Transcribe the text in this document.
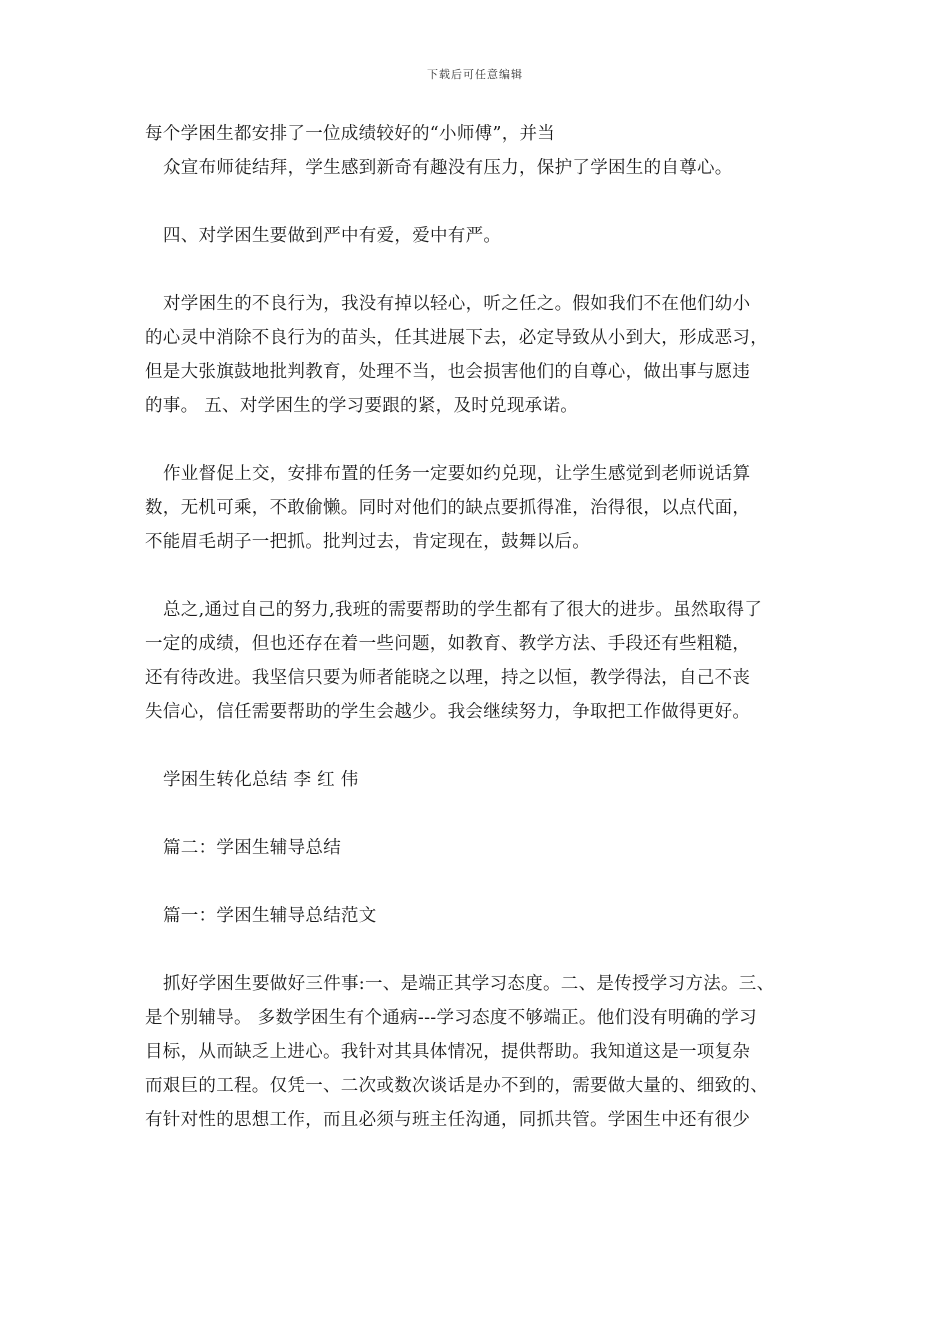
下载后可任意编辑
每个学困生都安排了一位成绩较好的“小师傅”，并当
众宣布师徒结拜，学生感到新奇有趣没有压力，保护了学困生的自尊心。
四、对学困生要做到严中有爱，爱中有严。
对学困生的不良行为，我没有掉以轻心，听之任之。假如我们不在他们幼小
的心灵中消除不良行为的苗头，任其进展下去，必定导致从小到大，形成恶习，
但是大张旗鼓地批判教育，处理不当，也会损害他们的自尊心，做出事与愿违
的事。 五、对学困生的学习要跟的紧，及时兑现承诺。
作业督促上交，安排布置的任务一定要如约兑现，让学生感觉到老师说话算
数，无机可乘，不敢偷懒。同时对他们的缺点要抓得准，治得很，以点代面，
不能眉毛胡子一把抓。批判过去，肯定现在，鼓舞以后。
总之,通过自己的努力,我班的需要帮助的学生都有了很大的进步。虽然取得了
一定的成绩，但也还存在着一些问题，如教育、教学方法、手段还有些粗糙，
还有待改进。我坚信只要为师者能晓之以理，持之以恒，教学得法，自己不丧
失信心，信任需要帮助的学生会越少。我会继续努力，争取把工作做得更好。
学困生转化总结 李 红 伟
篇二：学困生辅导总结
篇一：学困生辅导总结范文
抓好学困生要做好三件事:一、是端正其学习态度。二、是传授学习方法。三、
是个别辅导。 多数学困生有个通病---学习态度不够端正。他们没有明确的学习
目标，从而缺乏上进心。我针对其具体情况，提供帮助。我知道这是一项复杂
而艰巨的工程。仅凭一、二次或数次谈话是办不到的，需要做大量的、细致的、
有针对性的思想工作，而且必须与班主任沟通，同抓共管。学困生中还有很少
